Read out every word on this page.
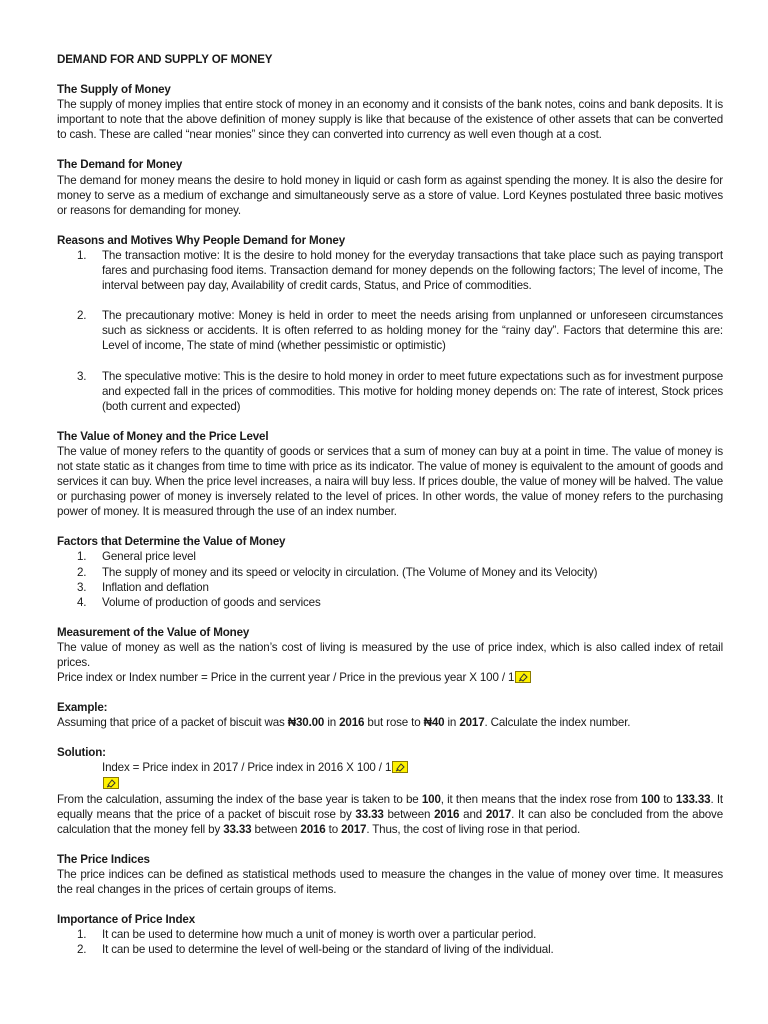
DEMAND FOR AND SUPPLY OF MONEY
The Supply of Money

The supply of money implies that entire stock of money in an economy and it consists of the bank notes, coins and bank deposits. It is important to note that the above definition of money supply is like that because of the existence of other assets that can be converted to cash. These are called “near monies” since they can converted into currency as well even though at a cost.

The Demand for Money

The demand for money means the desire to hold money in liquid or cash form as against spending the money. It is also the desire for money to serve as a medium of exchange and simultaneously serve as a store of value. Lord Keynes postulated three basic motives or reasons for demanding for money.

Reasons and Motives Why People Demand for Money
1. The transaction motive: It is the desire to hold money for the everyday transactions that take place such as paying transport fares and purchasing food items. Transaction demand for money depends on the following factors; The level of income, The interval between pay day, Availability of credit cards, Status, and Price of commodities.
2. The precautionary motive: Money is held in order to meet the needs arising from unplanned or unforeseen circumstances such as sickness or accidents. It is often referred to as holding money for the “rainy day”. Factors that determine this are: Level of income, The state of mind (whether pessimistic or optimistic)
3. The speculative motive: This is the desire to hold money in order to meet future expectations such as for investment purpose and expected fall in the prices of commodities. This motive for holding money depends on: The rate of interest, Stock prices (both current and expected)
The Value of Money and the Price Level

The value of money refers to the quantity of goods or services that a sum of money can buy at a point in time. The value of money is not state static as it changes from time to time with price as its indicator. The value of money is equivalent to the amount of goods and services it can buy. When the price level increases, a naira will buy less. If prices double, the value of money will be halved. The value or purchasing power of money is inversely related to the level of prices. In other words, the value of money refers to the purchasing power of money. It is measured through the use of an index number.

Factors that Determine the Value of Money
1. General price level
2. The supply of money and its speed or velocity in circulation. (The Volume of Money and its Velocity)
3. Inflation and deflation
4. Volume of production of goods and services
Measurement of the Value of Money

The value of money as well as the nation’s cost of living is measured by the use of price index, which is also called index of retail prices.

Price index or Index number = Price in the current year / Price in the previous year X 100 / 1
Example:

Assuming that price of a packet of biscuit was ₦30.00 in 2016 but rose to ₦40 in 2017. Calculate the index number.

Solution:
Index = Price index in 2017 / Price index in 2016 X 100 / 1

From the calculation, assuming the index of the base year is taken to be 100, it then means that the index rose from 100 to 133.33. It equally means that the price of a packet of biscuit rose by 33.33 between 2016 and 2017. It can also be concluded from the above calculation that the money fell by 33.33 between 2016 to 2017. Thus, the cost of living rose in that period.

The Price Indices

The price indices can be defined as statistical methods used to measure the changes in the value of money over time. It measures the real changes in the prices of certain groups of items.

Importance of Price Index
1. It can be used to determine how much a unit of money is worth over a particular period.
2. It can be used to determine the level of well-being or the standard of living of the individual.
